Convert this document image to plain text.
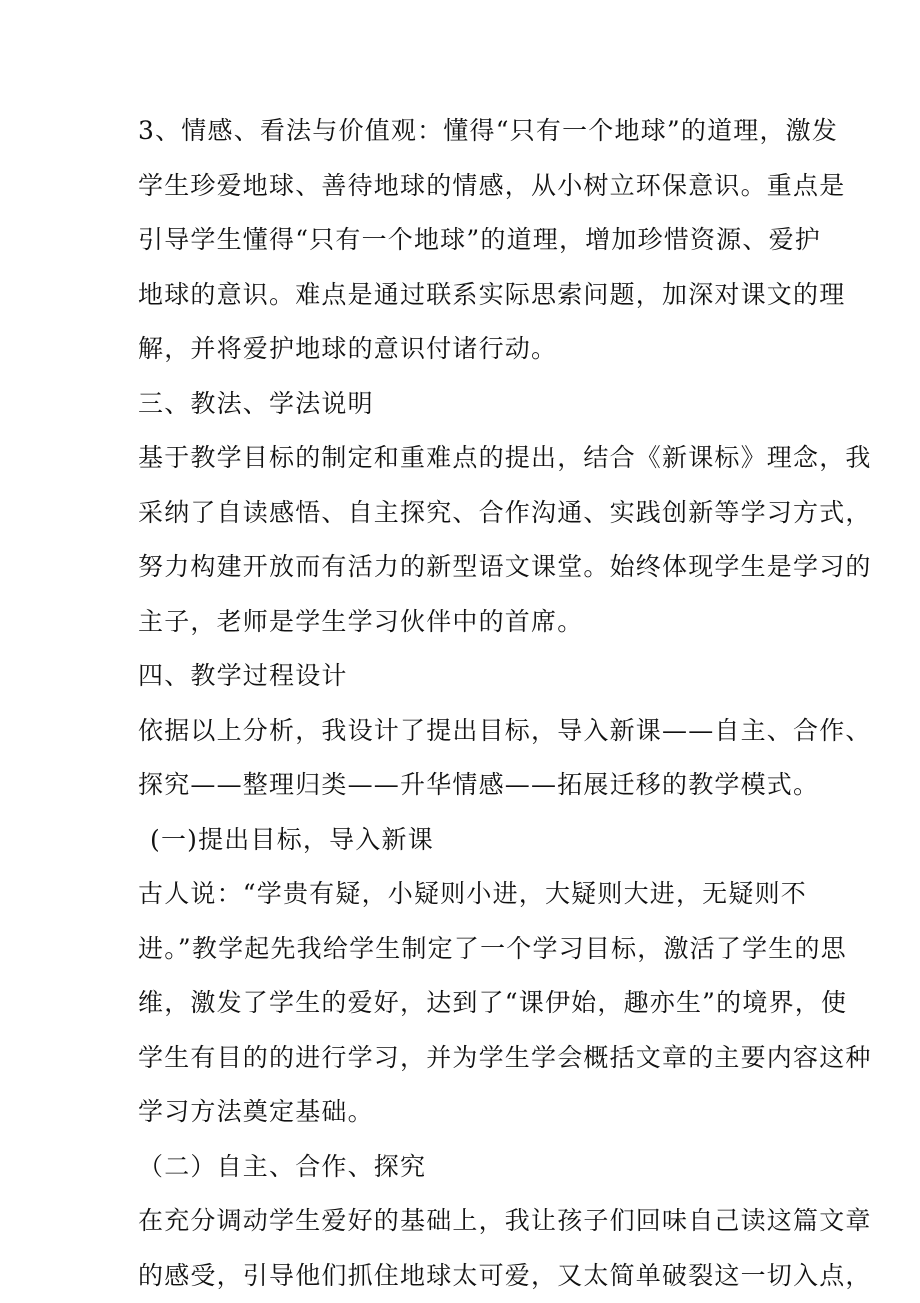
3、情感、看法与价值观：懂得“只有一个地球”的道理，激发
学生珍爱地球、善待地球的情感，从小树立环保意识。重点是
引导学生懂得“只有一个地球”的道理，增加珍惜资源、爱护
地球的意识。难点是通过联系实际思索问题，加深对课文的理
解，并将爱护地球的意识付诸行动。
三、教法、学法说明
基于教学目标的制定和重难点的提出，结合《新课标》理念，我
采纳了自读感悟、自主探究、合作沟通、实践创新等学习方式，
努力构建开放而有活力的新型语文课堂。始终体现学生是学习的
主子，老师是学生学习伙伴中的首席。
四、教学过程设计
依据以上分析，我设计了提出目标，导入新课——自主、合作、
探究——整理归类——升华情感——拓展迁移的教学模式。
(一)提出目标，导入新课
古人说：“学贵有疑，小疑则小进，大疑则大进，无疑则不
进。”教学起先我给学生制定了一个学习目标，激活了学生的思
维，激发了学生的爱好，达到了“课伊始，趣亦生”的境界，使
学生有目的的进行学习，并为学生学会概括文章的主要内容这种
学习方法奠定基础。
（二）自主、合作、探究
在充分调动学生爱好的基础上，我让孩子们回味自己读这篇文章
的感受，引导他们抓住地球太可爱，又太简单破裂这一切入点，
